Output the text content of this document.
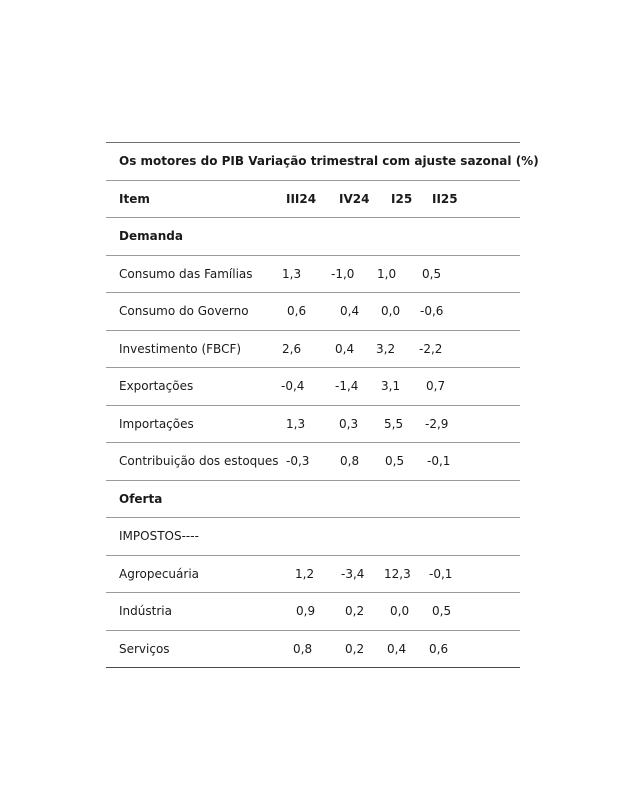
Os motores do PIB Variação trimestral com ajuste sazonal (%)
Item	III24 IV24 I25 II25
Demanda
Consumo das Famílias 1,3 -1,0 1,0 0,5
Consumo do Governo	0,6	0,4 0,0 -0,6
Investimento (FBCF)	2,6	0,4 3,2 -2,2
Exportações	-0,4	-1,4 3,1 0,7
Importações	1,3	0,3 5,5 -2,9
Contribuição dos estoques -0,3	0,8 0,5 -0,1
Oferta
IMPOSTOS----
Agropecuária	1,2 -3,4 12,3 -0,1
Indústria	0,9 0,2 0,0 0,5
Serviços	0,8	0,2 0,4 0,6
